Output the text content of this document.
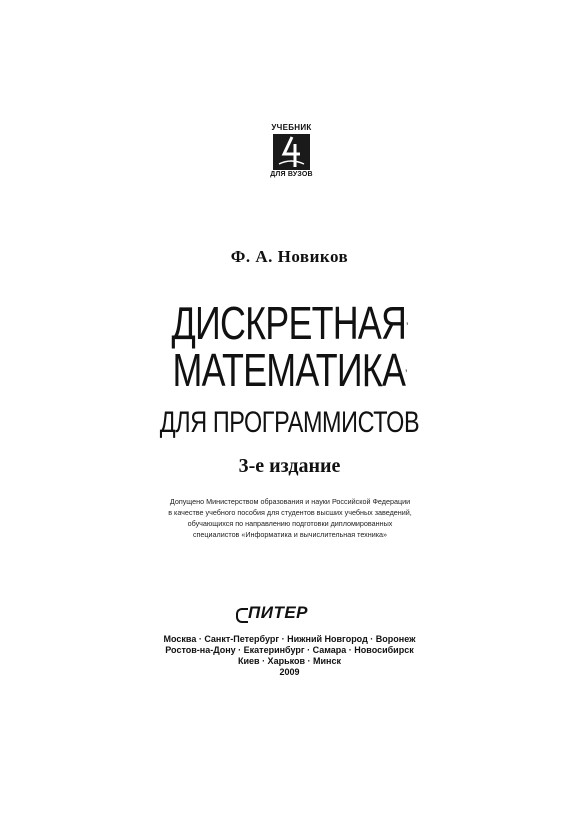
УЧЕБНИК
ДЛЯ ВУЗОВ
Ф. А. Новиков
ДИСКРЕТНАЯ’
МАТЕМАТИКА’
ДЛЯ ПРОГРАММИСТОВ
3-е издание
Допущено Министерством образования и науки Российской Федерации
в качестве учебного пособия для студентов высших учебных заведений,
обучающихся по направлению подготовки дипломированных
специалистов «Информатика и вычислительная техника»
ПИТЕР
Москва · Санкт-Петербург · Нижний Новгород · Воронеж
Ростов-на-Дону · Екатеринбург · Самара · Новосибирск
Киев · Харьков · Минск
2009
